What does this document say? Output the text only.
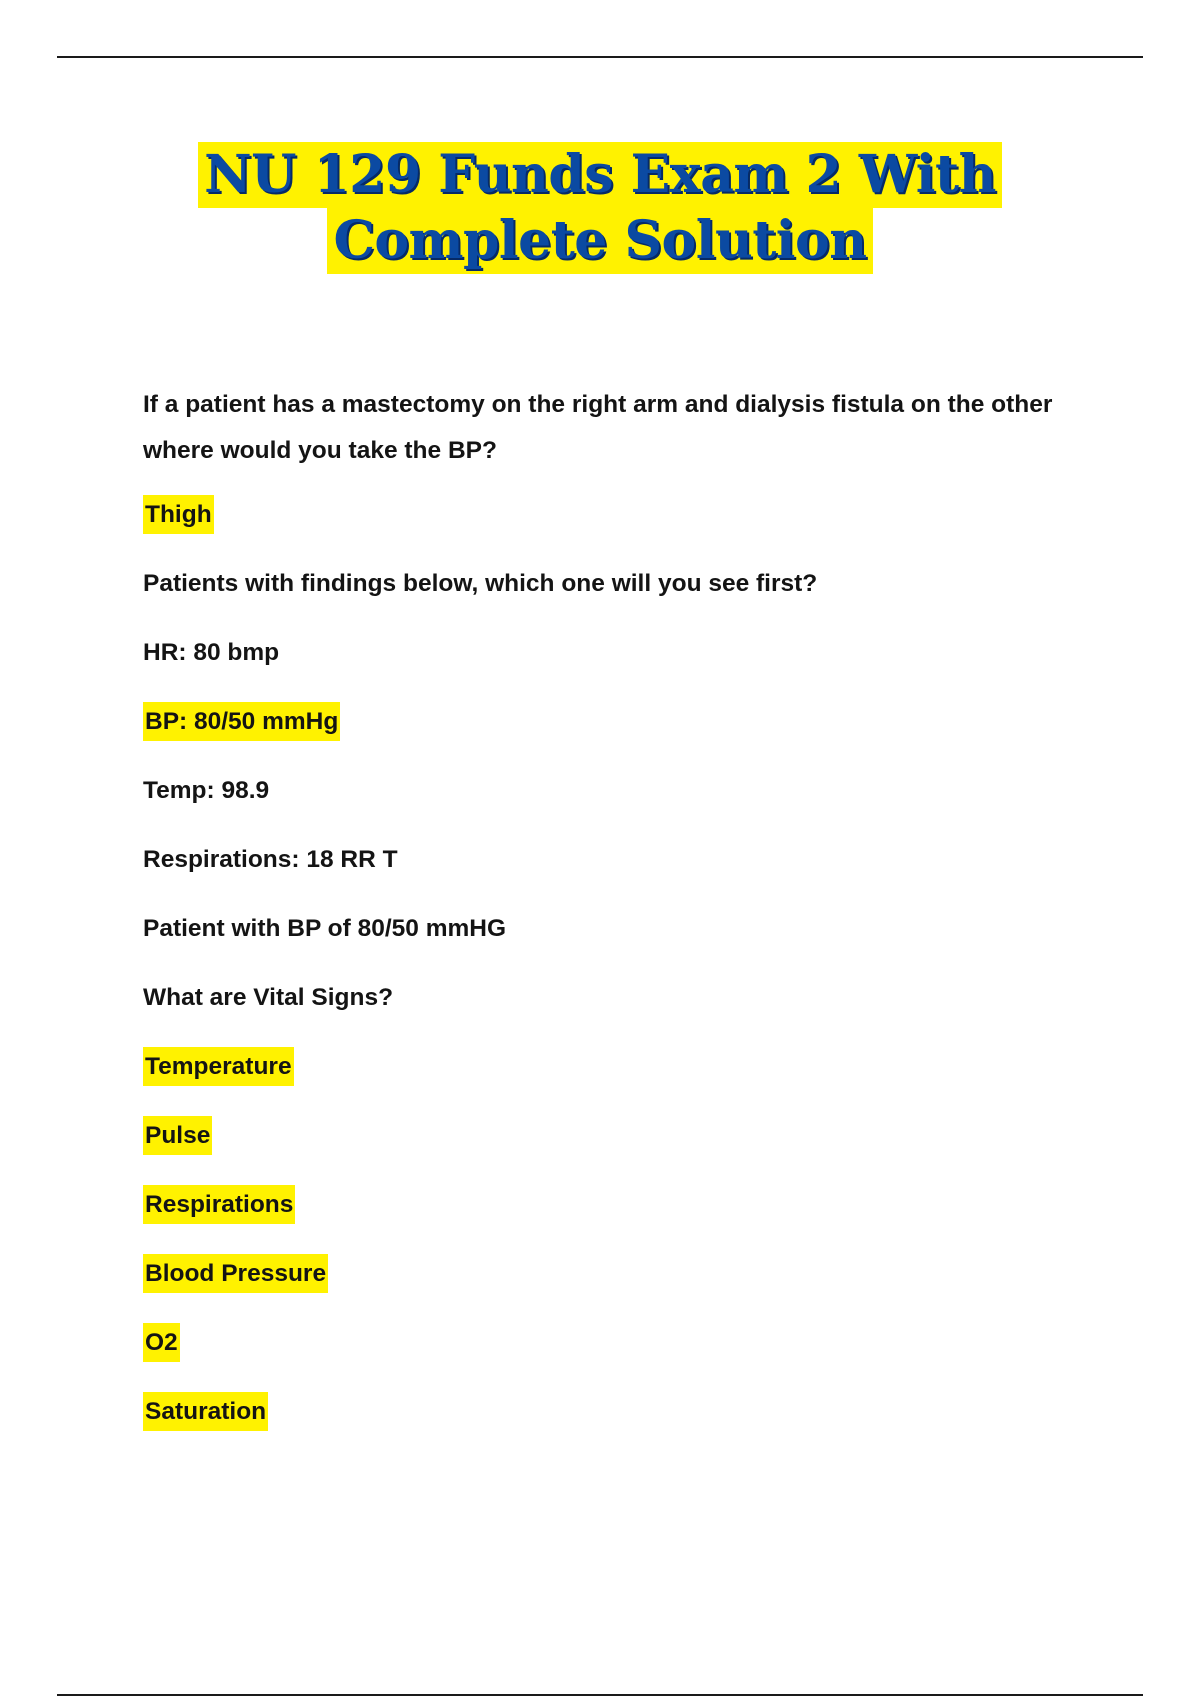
NU 129 Funds Exam 2 With
Complete Solution
If a patient has a mastectomy on the right arm and dialysis fistula on the other where would you take the BP?
Thigh
Patients with findings below, which one will you see first?
HR: 80 bmp
BP: 80/50 mmHg
Temp: 98.9
Respirations: 18 RR T
Patient with BP of 80/50 mmHG
What are Vital Signs?
Temperature
Pulse
Respirations
Blood Pressure
O2
Saturation
